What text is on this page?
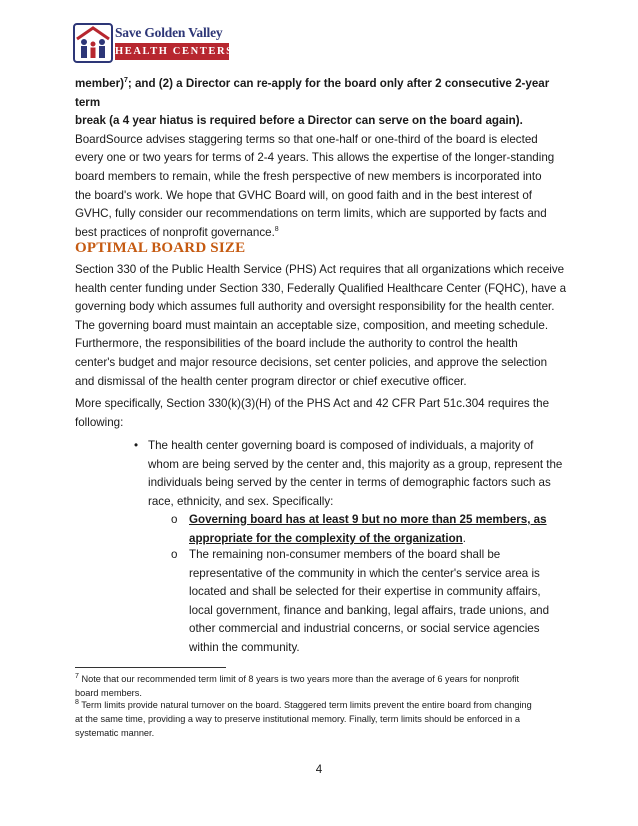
Save Golden Valley
HEALTH CENTERS
member)$^7$; and (2) a Director can re-apply for the board only after 2 consecutive 2-year term
break (a 4 year hiatus is required before a Director can serve on the board again).
BoardSource advises staggering terms so that one-half or one-third of the board is elected
every one or two years for terms of 2-4 years. This allows the expertise of the longer-standing
board members to remain, while the fresh perspective of new members is incorporated into
the board's work. We hope that GVHC Board will, on good faith and in the best interest of
GVHC, fully consider our recommendations on term limits, which are supported by facts and
best practices of nonprofit governance.$^8$
OPTIMAL BOARD SIZE
Section 330 of the Public Health Service (PHS) Act requires that all organizations which receive
health center funding under Section 330, Federally Qualified Healthcare Center (FQHC), have a
governing body which assumes full authority and oversight responsibility for the health center.
The governing board must maintain an acceptable size, composition, and meeting schedule.
Furthermore, the responsibilities of the board include the authority to control the health
center's budget and major resource decisions, set center policies, and approve the selection
and dismissal of the health center program director or chief executive officer.
More specifically, Section 330(k)(3)(H) of the PHS Act and 42 CFR Part 51c.304 requires the
following:
• The health center governing board is composed of individuals, a majority of
whom are being served by the center and, this majority as a group, represent the
individuals being served by the center in terms of demographic factors such as
race, ethnicity, and sex. Specifically:
o Governing board has at least 9 but no more than 25 members, as
appropriate for the complexity of the organization.
o The remaining non-consumer members of the board shall be
representative of the community in which the center's service area is
located and shall be selected for their expertise in community affairs,
local government, finance and banking, legal affairs, trade unions, and
other commercial and industrial concerns, or social service agencies
within the community.
$^7$ Note that our recommended term limit of 8 years is two years more than the average of 6 years for nonprofit
board members.
$^8$ Term limits provide natural turnover on the board. Staggered term limits prevent the entire board from changing
at the same time, providing a way to preserve institutional memory. Finally, term limits should be enforced in a
systematic manner.
4
